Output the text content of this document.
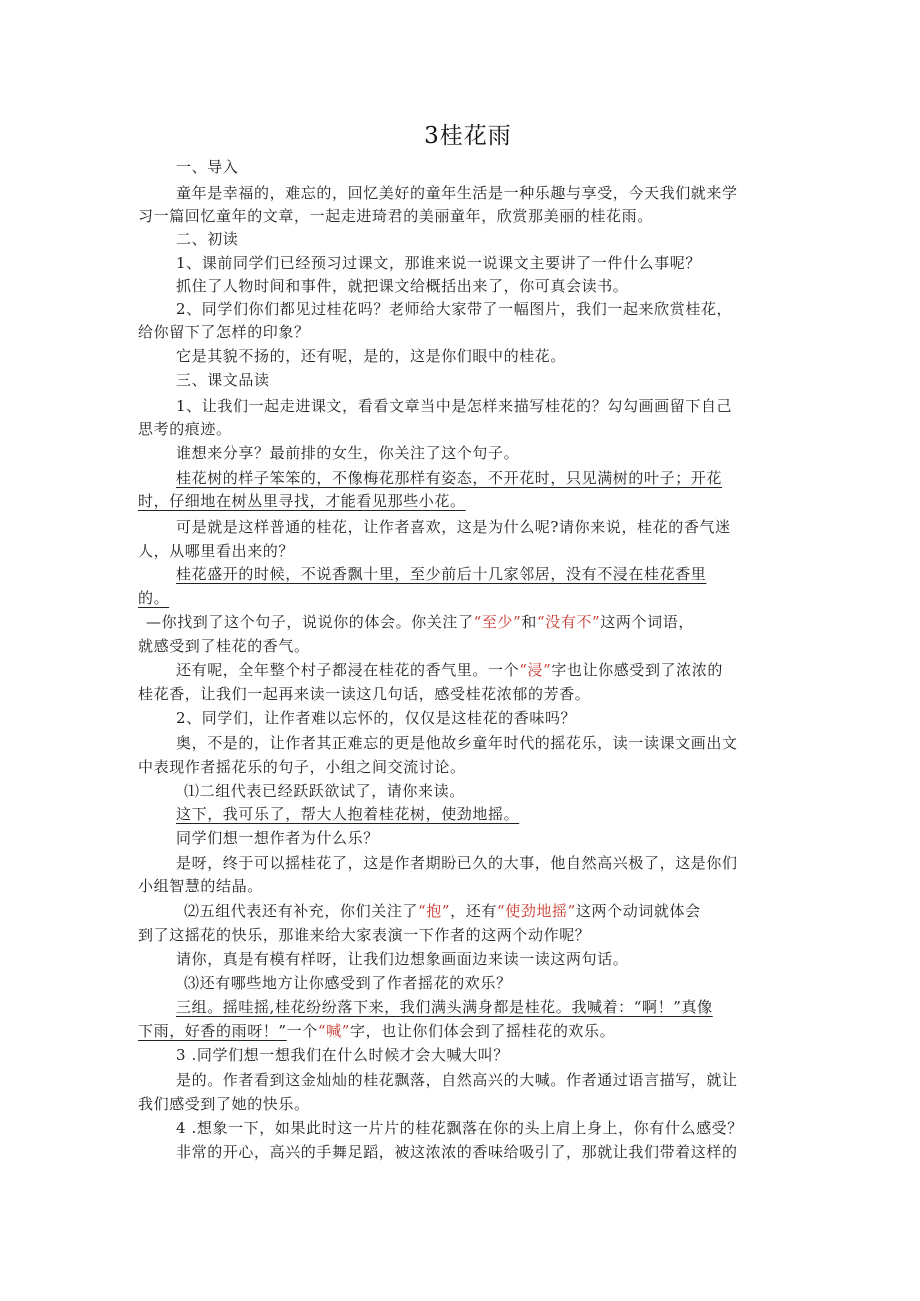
3桂花雨
一、导入
童年是幸福的，难忘的，回忆美好的童年生活是一种乐趣与享受，今天我们就来学
习一篇回忆童年的文章，一起走进琦君的美丽童年，欣赏那美丽的桂花雨。
二、初读
1、课前同学们已经预习过课文，那谁来说一说课文主要讲了一件什么事呢？
抓住了人物时间和事件，就把课文给概括出来了，你可真会读书。
2、同学们你们都见过桂花吗？老师给大家带了一幅图片，我们一起来欣赏桂花，
给你留下了怎样的印象？
它是其貌不扬的，还有呢，是的，这是你们眼中的桂花。
三、课文品读
1、让我们一起走进课文，看看文章当中是怎样来描写桂花的？勾勾画画留下自己
思考的痕迹。
谁想来分享？最前排的女生，你关注了这个句子。
桂花树的样子笨笨的，不像梅花那样有姿态，不开花时，只见满树的叶子；开花
时，仔细地在树丛里寻找，才能看见那些小花。
可是就是这样普通的桂花，让作者喜欢，这是为什么呢?请你来说，桂花的香气迷
人，从哪里看出来的？
桂花盛开的时候，不说香飘十里，至少前后十几家邻居，没有不浸在桂花香里
的。
—你找到了这个句子，说说你的体会。你关注了“至少”和“没有不”这两个词语，
就感受到了桂花的香气。
还有呢，全年整个村子都浸在桂花的香气里。一个“浸”字也让你感受到了浓浓的
桂花香，让我们一起再来读一读这几句话，感受桂花浓郁的芳香。
2、同学们，让作者难以忘怀的，仅仅是这桂花的香味吗？
奥，不是的，让作者其正难忘的更是他故乡童年时代的摇花乐，读一读课文画出文
中表现作者摇花乐的句子，小组之间交流讨论。
⑴二组代表已经跃跃欲试了，请你来读。
这下，我可乐了，帮大人抱着桂花树，使劲地摇。
同学们想一想作者为什么乐？
是呀，终于可以摇桂花了，这是作者期盼已久的大事，他自然高兴极了，这是你们
小组智慧的结晶。
⑵五组代表还有补充，你们关注了“抱”，还有“使劲地摇”这两个动词就体会
到了这摇花的快乐，那谁来给大家表演一下作者的这两个动作呢？
请你，真是有模有样呀，让我们边想象画面边来读一读这两句话。
⑶还有哪些地方让你感受到了作者摇花的欢乐？
三组。摇哇摇,桂花纷纷落下来，我们满头满身都是桂花。我喊着：“啊！”真像
下雨，好香的雨呀！”一个“喊”字，也让你们体会到了摇桂花的欢乐。
3 .同学们想一想我们在什么时候才会大喊大叫？
是的。作者看到这金灿灿的桂花飘落，自然高兴的大喊。作者通过语言描写，就让
我们感受到了她的快乐。
4 .想象一下，如果此时这一片片的桂花飘落在你的头上肩上身上，你有什么感受？
非常的开心，高兴的手舞足蹈，被这浓浓的香味给吸引了，那就让我们带着这样的
